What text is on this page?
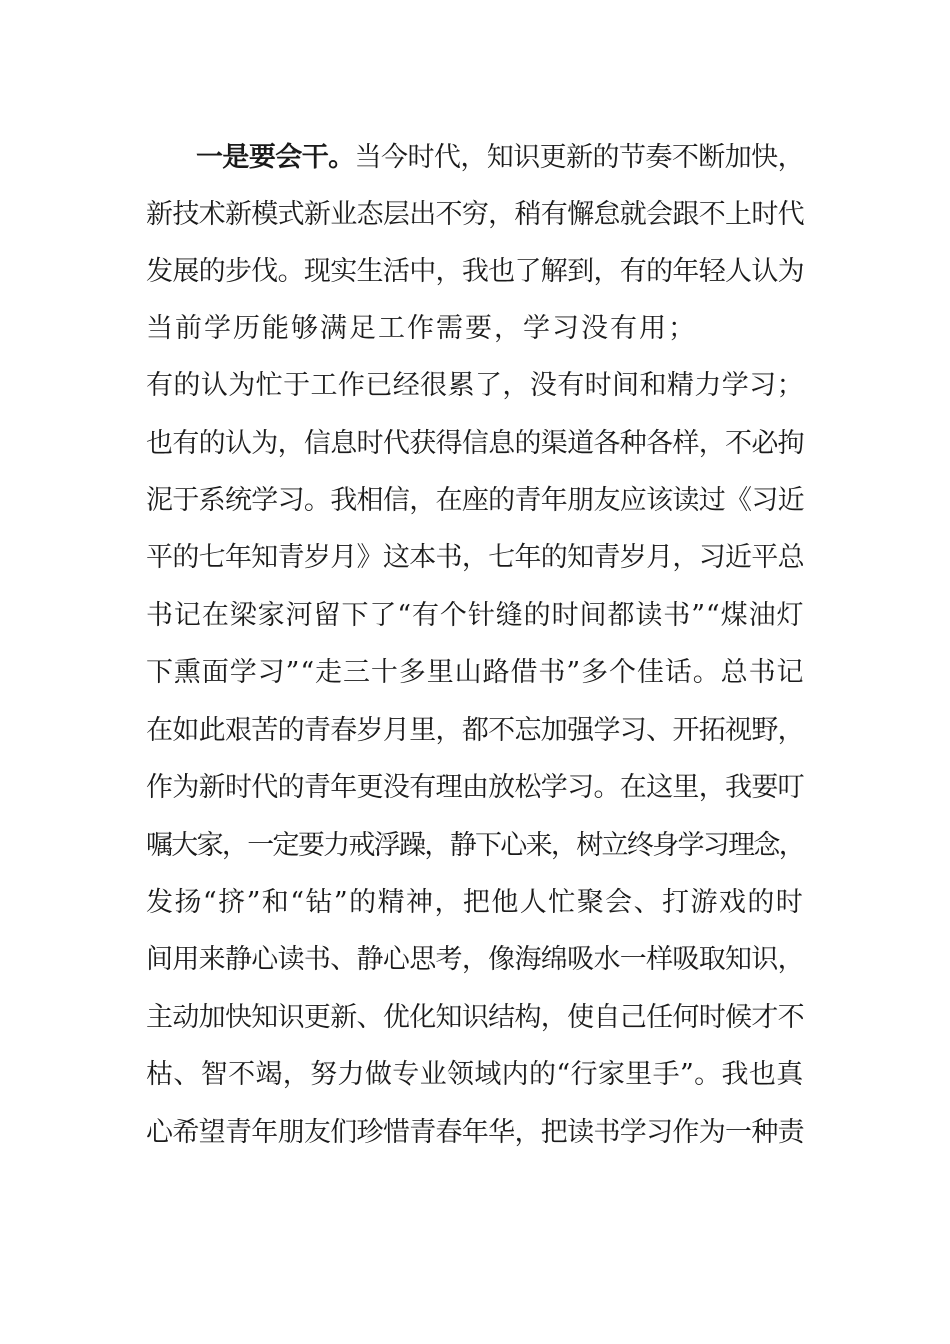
一是要会干。当今时代，知识更新的节奏不断加快，
新技术新模式新业态层出不穷，稍有懈怠就会跟不上时代
发展的步伐。现实生活中，我也了解到，有的年轻人认为
当前学历能够满足工作需要，学习没有用；
有的认为忙于工作已经很累了，没有时间和精力学习；
也有的认为，信息时代获得信息的渠道各种各样，不必拘
泥于系统学习。我相信，在座的青年朋友应该读过《习近
平的七年知青岁月》这本书，七年的知青岁月，习近平总
书记在梁家河留下了“有个针缝的时间都读书”“煤油灯
下熏面学习”“走三十多里山路借书”多个佳话。总书记
在如此艰苦的青春岁月里，都不忘加强学习、开拓视野，
作为新时代的青年更没有理由放松学习。在这里，我要叮
嘱大家，一定要力戒浮躁，静下心来，树立终身学习理念，
发扬“挤”和“钻”的精神，把他人忙聚会、打游戏的时
间用来静心读书、静心思考，像海绵吸水一样吸取知识，
主动加快知识更新、优化知识结构，使自己任何时候才不
枯、智不竭，努力做专业领域内的“行家里手”。我也真
心希望青年朋友们珍惜青春年华，把读书学习作为一种责
